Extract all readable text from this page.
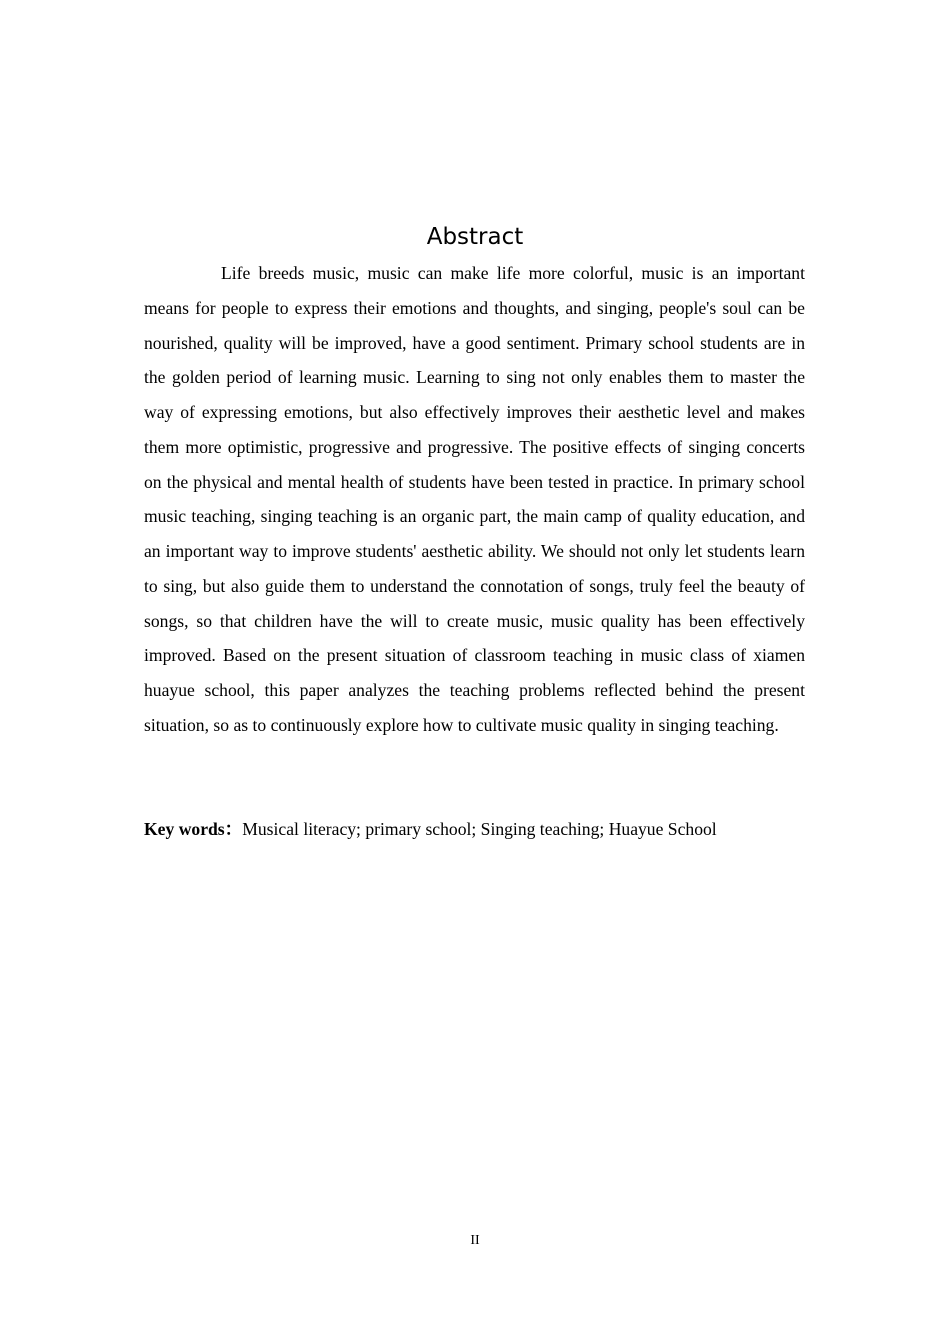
Abstract

Life breeds music, music can make life more colorful, music is an important means for people to express their emotions and thoughts, and singing, people's soul can be nourished, quality will be improved, have a good sentiment. Primary school students are in the golden period of learning music. Learning to sing not only enables them to master the way of expressing emotions, but also effectively improves their aesthetic level and makes them more optimistic, progressive and progressive. The positive effects of singing concerts on the physical and mental health of students have been tested in practice. In primary school music teaching, singing teaching is an organic part, the main camp of quality education, and an important way to improve students' aesthetic ability. We should not only let students learn to sing, but also guide them to understand the connotation of songs, truly feel the beauty of songs, so that children have the will to create music, music quality has been effectively improved. Based on the present situation of classroom teaching in music class of xiamen huayue school, this paper analyzes the teaching problems reflected behind the present situation, so as to continuously explore how to cultivate music quality in singing teaching.

Key words：Musical literacy; primary school; Singing teaching; Huayue School

II
